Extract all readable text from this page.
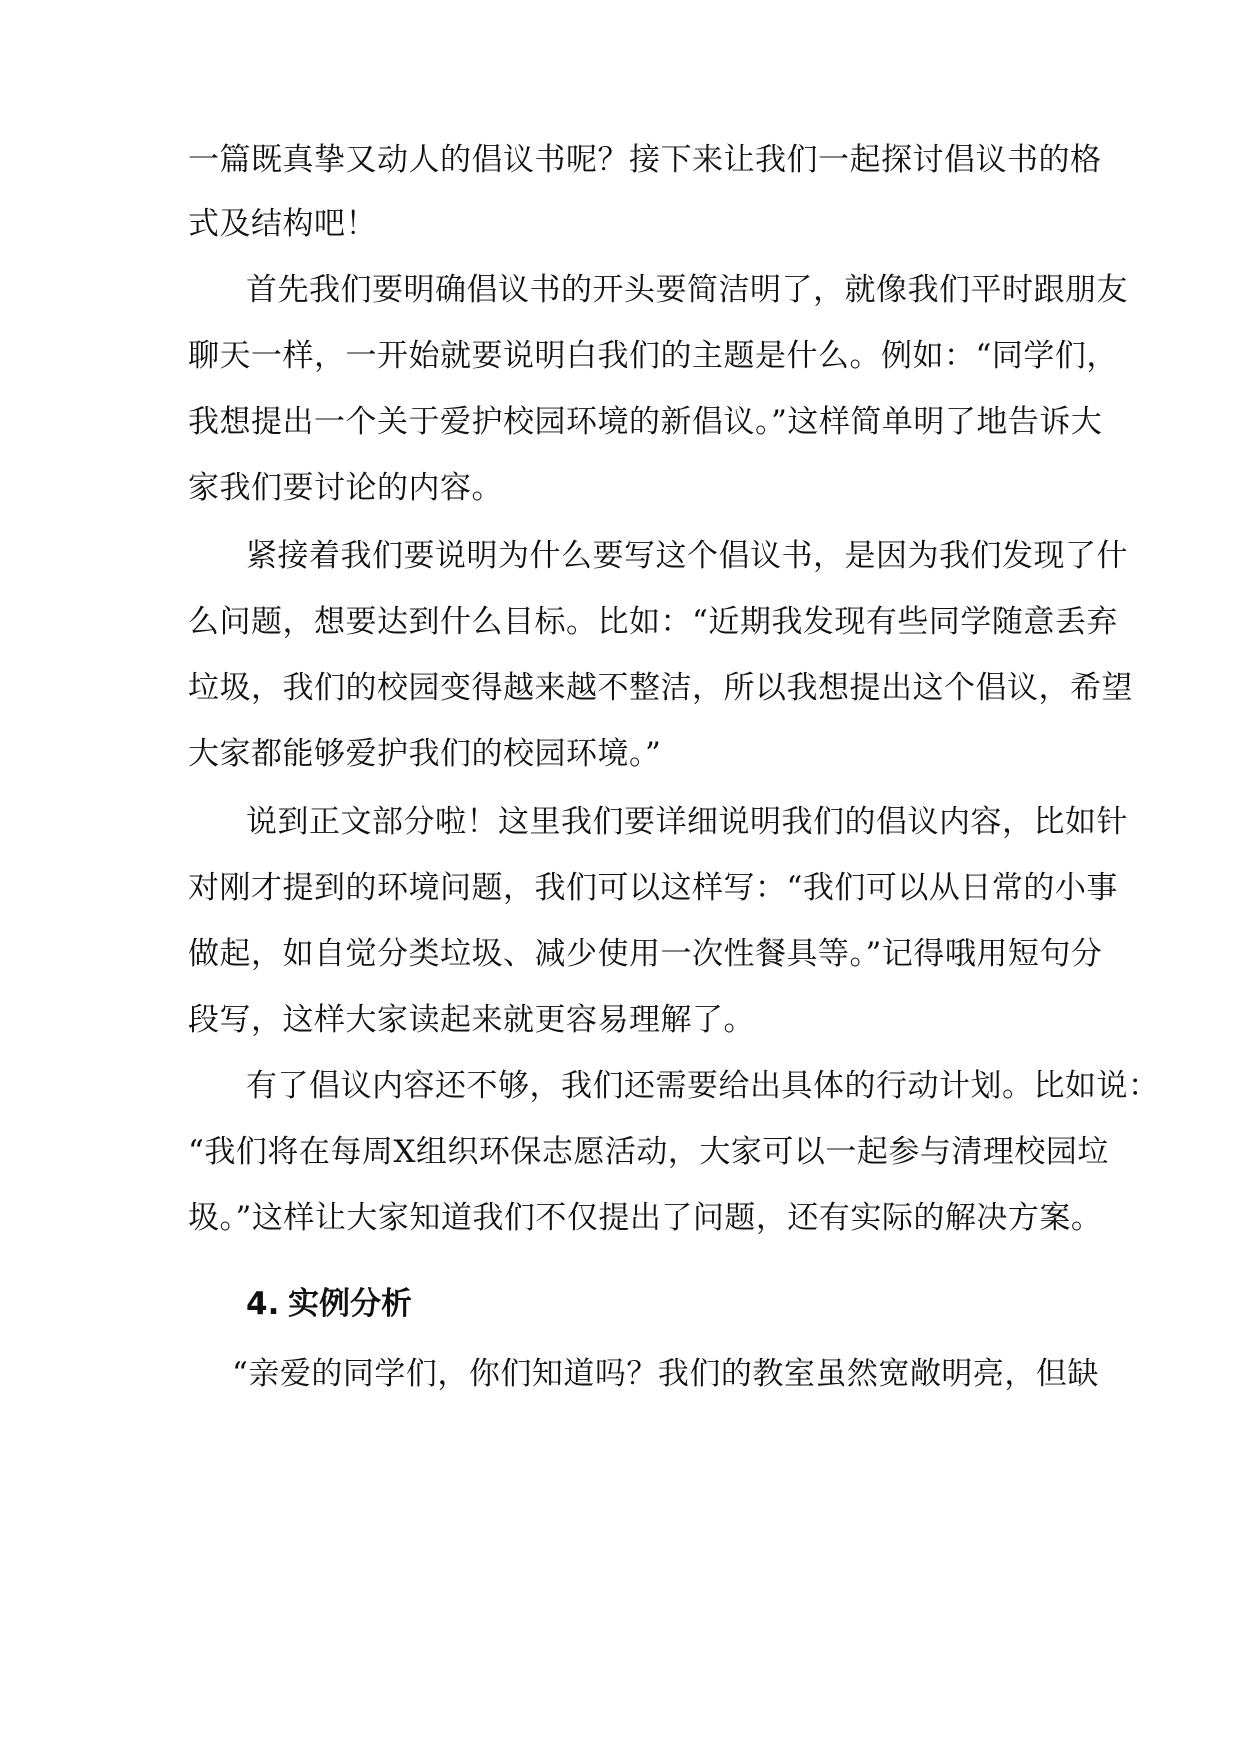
一篇既真挚又动人的倡议书呢？接下来让我们一起探讨倡议书的格
式及结构吧！
首先我们要明确倡议书的开头要简洁明了，就像我们平时跟朋友
聊天一样，一开始就要说明白我们的主题是什么。例如：“同学们，
我想提出一个关于爱护校园环境的新倡议。”这样简单明了地告诉大
家我们要讨论的内容。
紧接着我们要说明为什么要写这个倡议书，是因为我们发现了什
么问题，想要达到什么目标。比如：“近期我发现有些同学随意丢弃
垃圾，我们的校园变得越来越不整洁，所以我想提出这个倡议，希望
大家都能够爱护我们的校园环境。”
说到正文部分啦！这里我们要详细说明我们的倡议内容，比如针
对刚才提到的环境问题，我们可以这样写：“我们可以从日常的小事
做起，如自觉分类垃圾、减少使用一次性餐具等。”记得哦用短句分
段写，这样大家读起来就更容易理解了。
有了倡议内容还不够，我们还需要给出具体的行动计划。比如说：
“我们将在每周X组织环保志愿活动，大家可以一起参与清理校园垃
圾。”这样让大家知道我们不仅提出了问题，还有实际的解决方案。
4. 实例分析
“亲爱的同学们，你们知道吗？我们的教室虽然宽敞明亮，但缺
